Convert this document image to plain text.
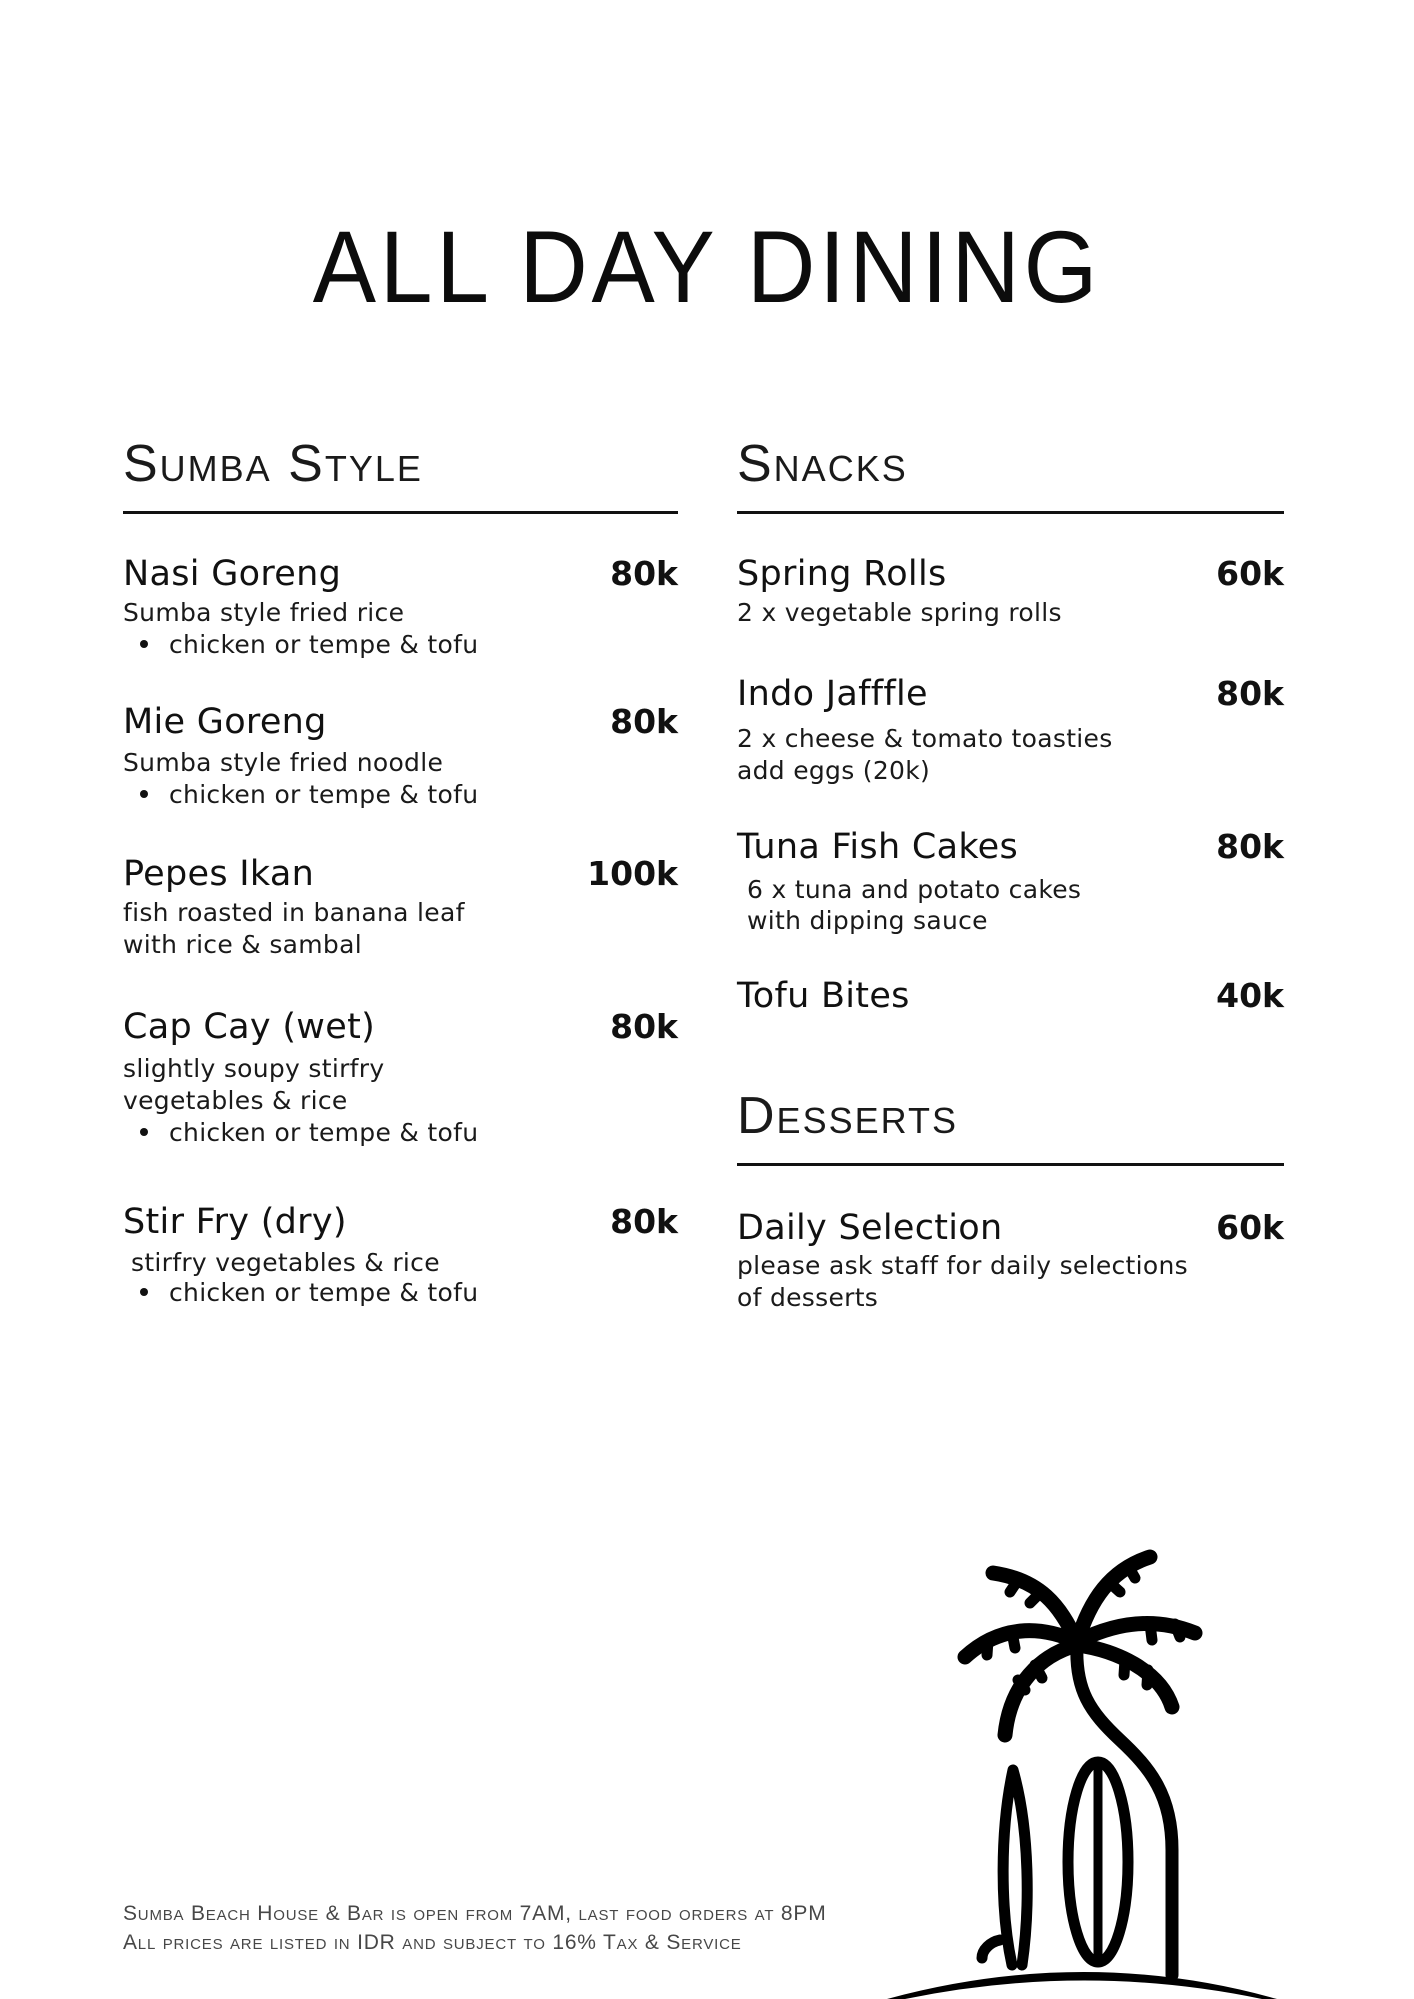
ALL DAY DINING
Sumba Style
Nasi Goreng	80k
Sumba style fried rice
chicken or tempe & tofu
Mie Goreng	80k
Sumba style fried noodle
chicken or tempe & tofu
Pepes Ikan	100k
fish roasted in banana leaf
with rice & sambal
Cap Cay (wet)	80k
slightly soupy stirfry
vegetables & rice
chicken or tempe & tofu
Stir Fry (dry)	80k
stirfry vegetables & rice
chicken or tempe & tofu
Snacks
Spring Rolls	60k
2 x vegetable spring rolls
Indo Jafffle	80k
2 x cheese & tomato toasties
add eggs (20k)
Tuna Fish Cakes	80k
6 x tuna and potato cakes
with dipping sauce
Tofu Bites	40k
Desserts
Daily Selection	60k
please ask staff for daily selections
of desserts
Sumba Beach House & Bar is open from 7AM, last food orders at 8PM
All prices are listed in IDR and subject to 16% Tax & Service
